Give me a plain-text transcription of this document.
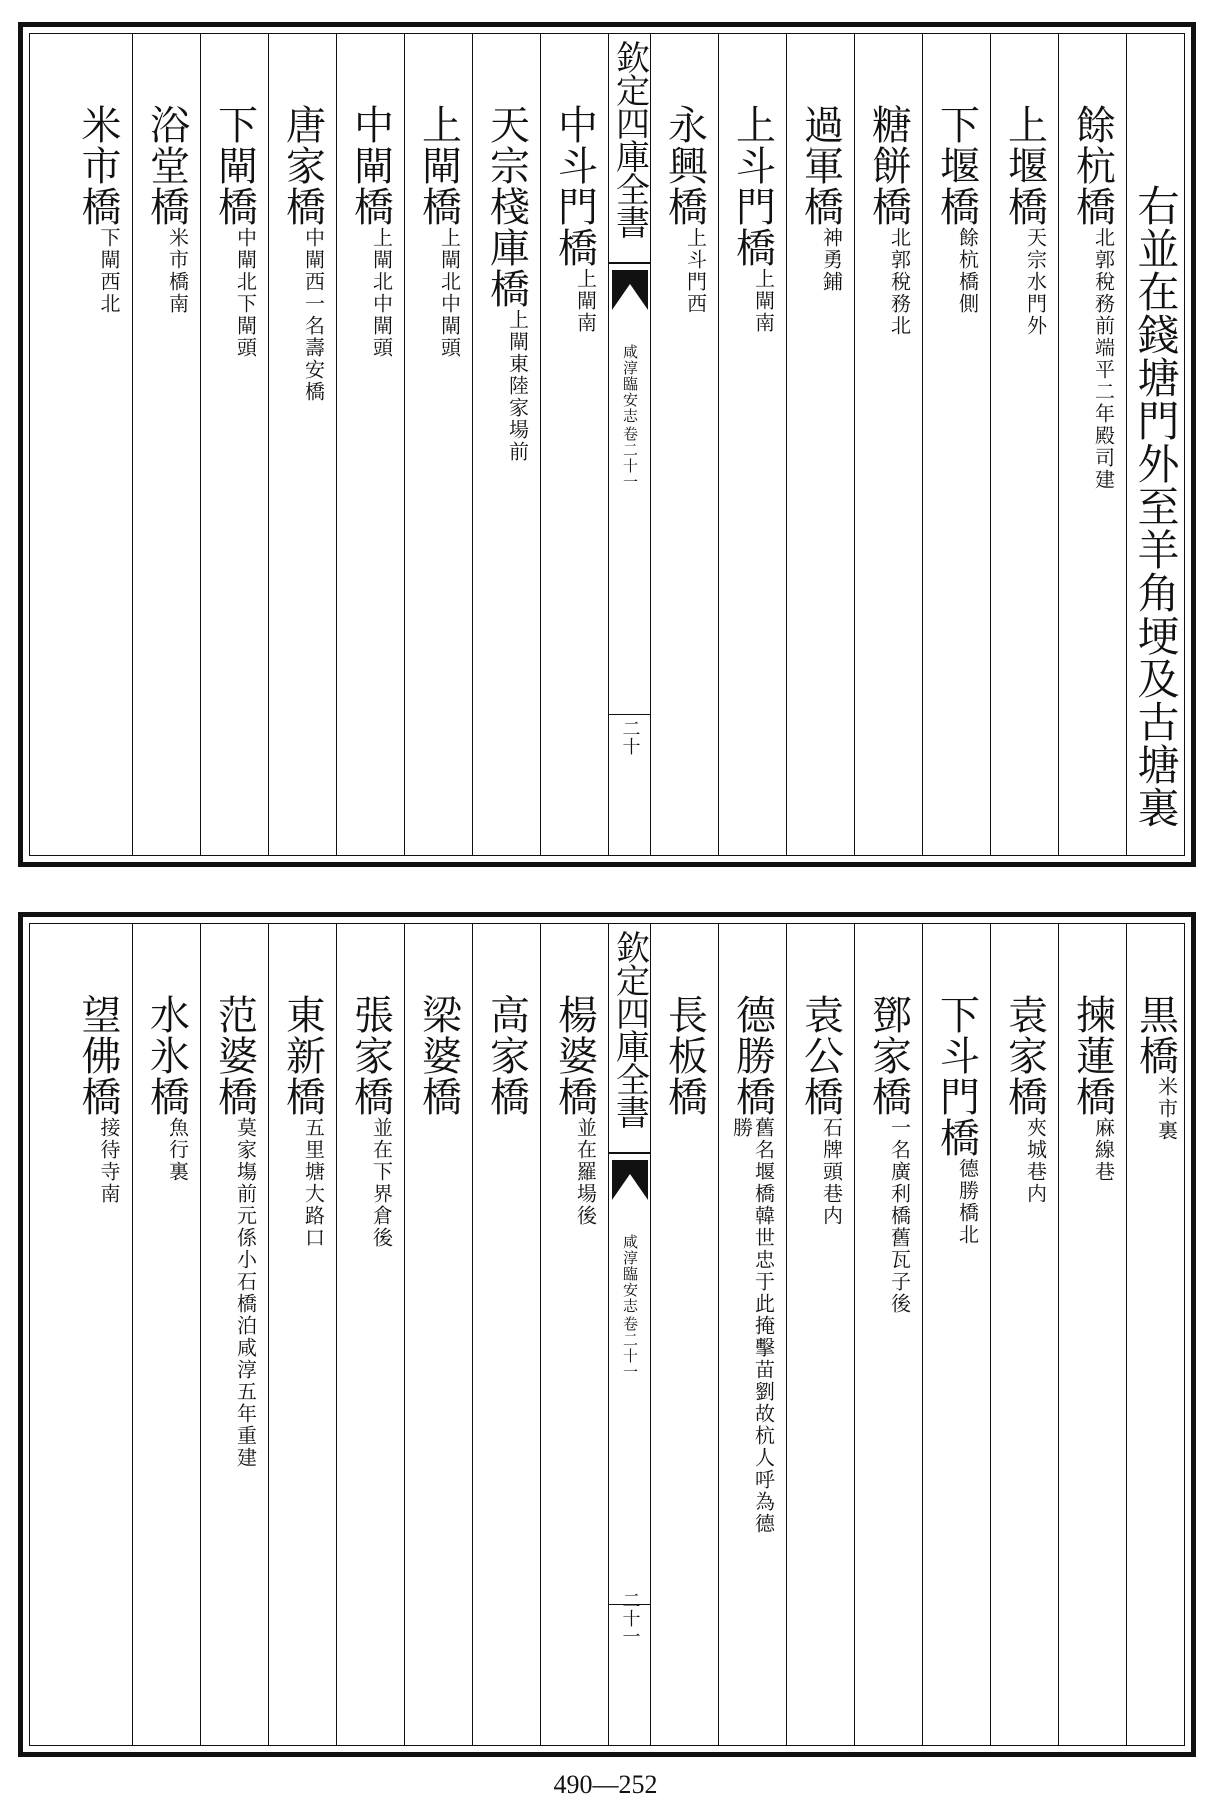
右並在錢塘門外至羊角埂及古塘裏
餘杭橋
北郭稅務前端平二年殿司建
上堰橋
天宗水門外
下堰橋
餘杭橋側
糖餅橋
北郭稅務北
過軍橋
神勇鋪
上斗門橋
上閘南
永興橋
上斗門西
欽定四庫全書
咸淳臨安志
卷二十一
二十
中斗門橋
上閘南
天宗棧庫橋
上閘東陸家場前
上閘橋
上閘北中閘頭
中閘橋
上閘北中閘頭
唐家橋
中閘西一名壽安橋
下閘橋
中閘北下閘頭
浴堂橋
米市橋南
米市橋
下閘西北
黒橋
米市裏
揀蓮橋
麻線巷
袁家橋
夾城巷内
下斗門橋
德勝橋北
鄧家橋
一名廣利橋舊瓦子後
袁公橋
石牌頭巷内
德勝橋
舊名堰橋韓世忠于此掩擊苗劉故杭人呼為德勝
長板橋
欽定四庫全書
咸淳臨安志
卷二十一
二十一
楊婆橋
並在羅場後
高家橋
梁婆橋
張家橋
並在下界倉後
東新橋
五里塘大路口
范婆橋
莫家塲前元係小石橋泊咸淳五年重建
水氷橋
魚行裏
望佛橋
接待寺南
490—252
